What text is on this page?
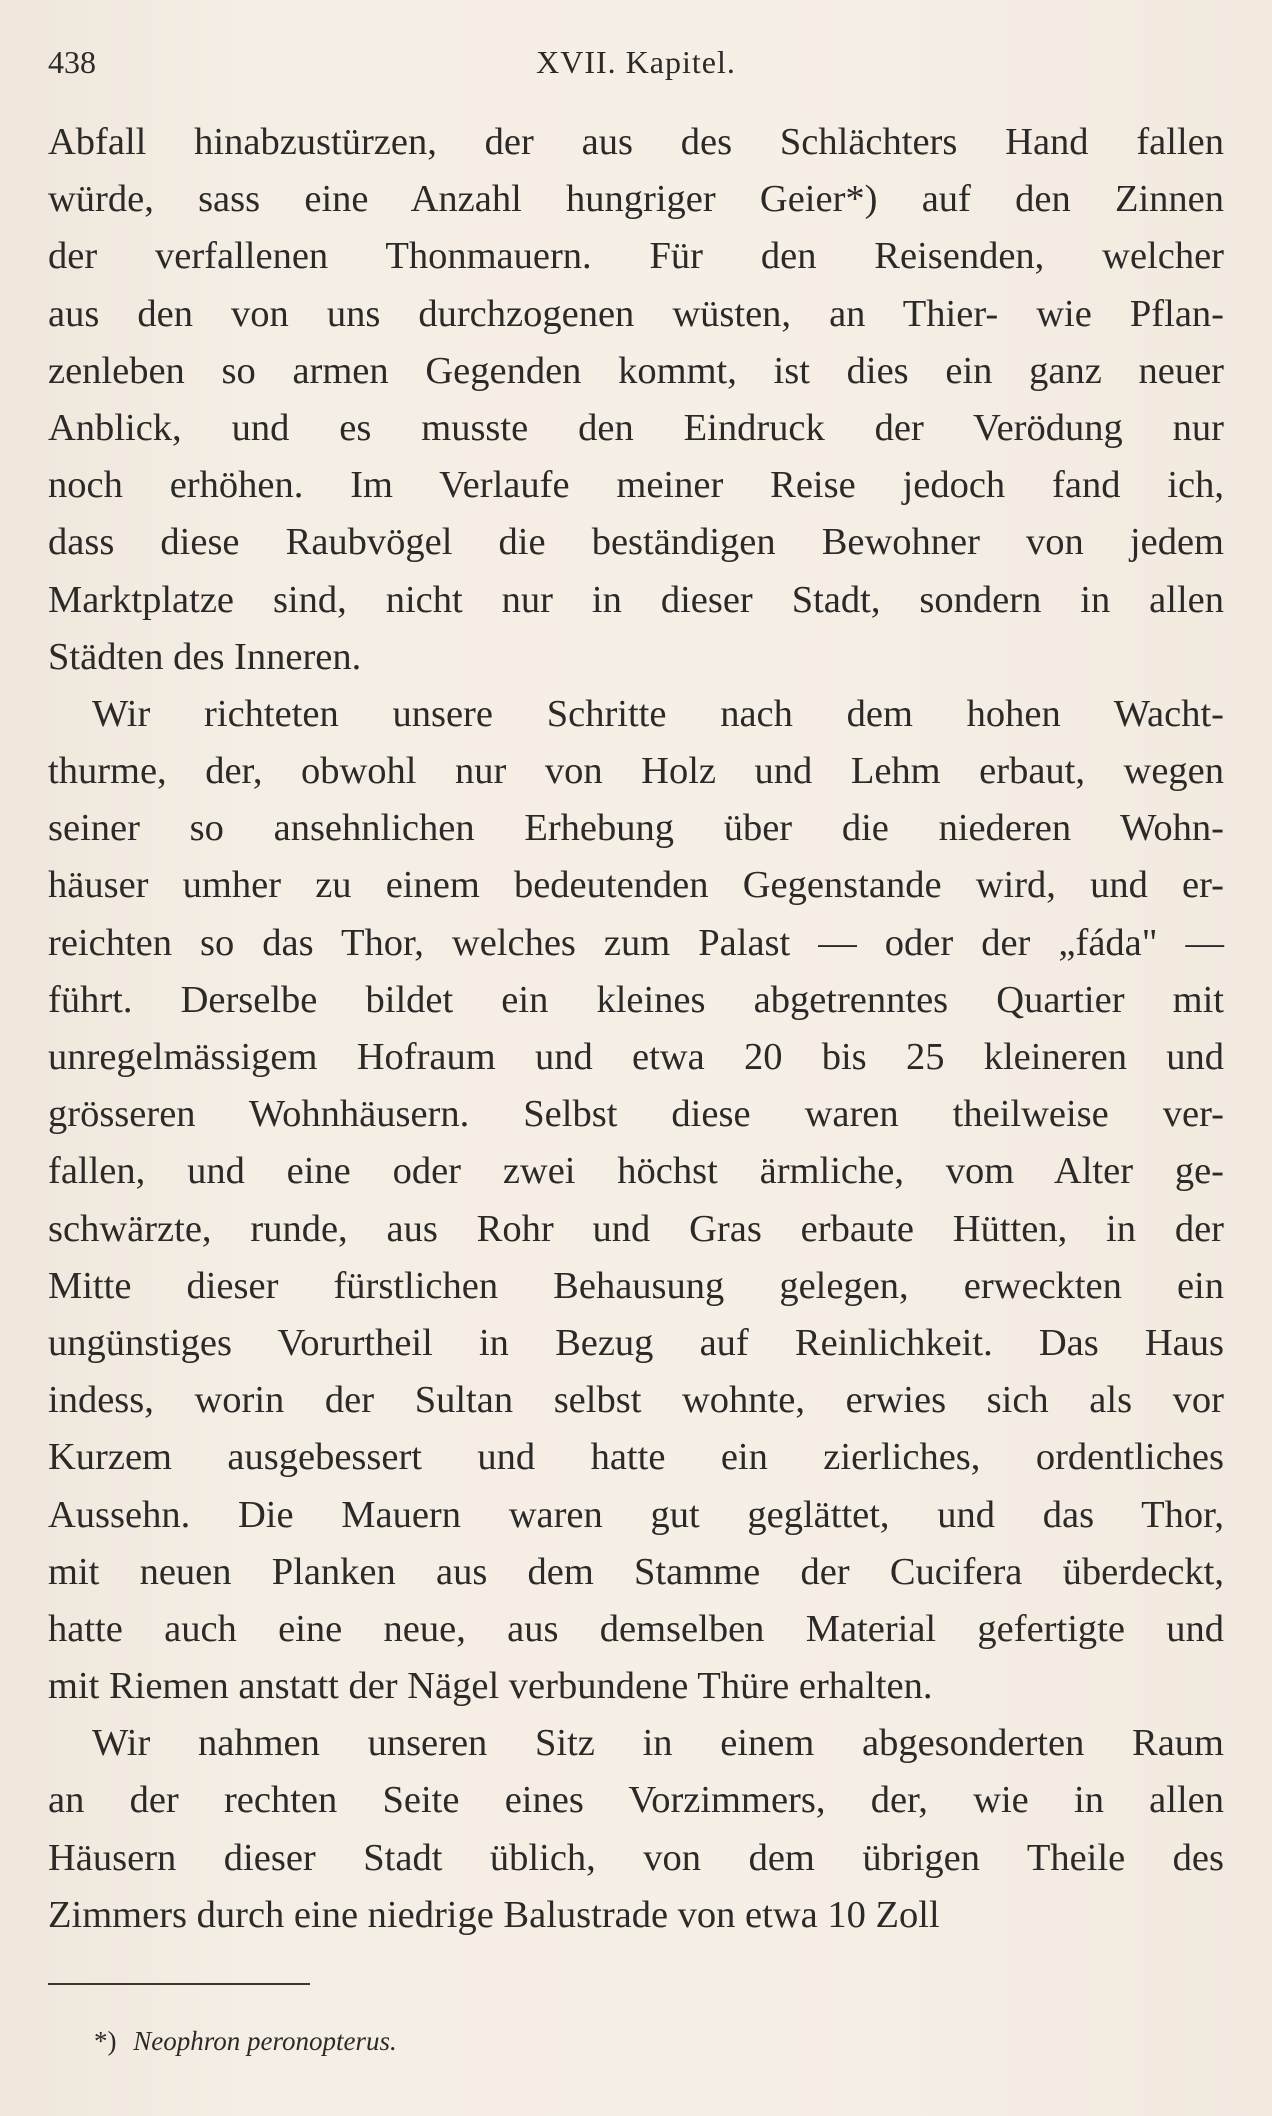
438	XVII. Kapitel.
Abfall hinabzustürzen, der aus des Schlächters Hand fallen
würde, sass eine Anzahl hungriger Geier*) auf den Zinnen
der verfallenen Thonmauern. Für den Reisenden, welcher
aus den von uns durchzogenen wüsten, an Thier- wie Pflan-
zenleben so armen Gegenden kommt, ist dies ein ganz neuer
Anblick, und es musste den Eindruck der Verödung nur
noch erhöhen. Im Verlaufe meiner Reise jedoch fand ich,
dass diese Raubvögel die beständigen Bewohner von jedem
Marktplatze sind, nicht nur in dieser Stadt, sondern in allen
Städten des Inneren.
Wir richteten unsere Schritte nach dem hohen Wacht-
thurme, der, obwohl nur von Holz und Lehm erbaut, wegen
seiner so ansehnlichen Erhebung über die niederen Wohn-
häuser umher zu einem bedeutenden Gegenstande wird, und er-
reichten so das Thor, welches zum Palast — oder der „fáda" —
führt. Derselbe bildet ein kleines abgetrenntes Quartier mit
unregelmässigem Hofraum und etwa 20 bis 25 kleineren und
grösseren Wohnhäusern. Selbst diese waren theilweise ver-
fallen, und eine oder zwei höchst ärmliche, vom Alter ge-
schwärzte, runde, aus Rohr und Gras erbaute Hütten, in der
Mitte dieser fürstlichen Behausung gelegen, erweckten ein
ungünstiges Vorurtheil in Bezug auf Reinlichkeit. Das Haus
indess, worin der Sultan selbst wohnte, erwies sich als vor
Kurzem ausgebessert und hatte ein zierliches, ordentliches
Aussehn. Die Mauern waren gut geglättet, und das Thor,
mit neuen Planken aus dem Stamme der Cucifera überdeckt,
hatte auch eine neue, aus demselben Material gefertigte und
mit Riemen anstatt der Nägel verbundene Thüre erhalten.
Wir nahmen unseren Sitz in einem abgesonderten Raum
an der rechten Seite eines Vorzimmers, der, wie in allen
Häusern dieser Stadt üblich, von dem übrigen Theile des
Zimmers durch eine niedrige Balustrade von etwa 10 Zoll
*) Neophron peronopterus.
